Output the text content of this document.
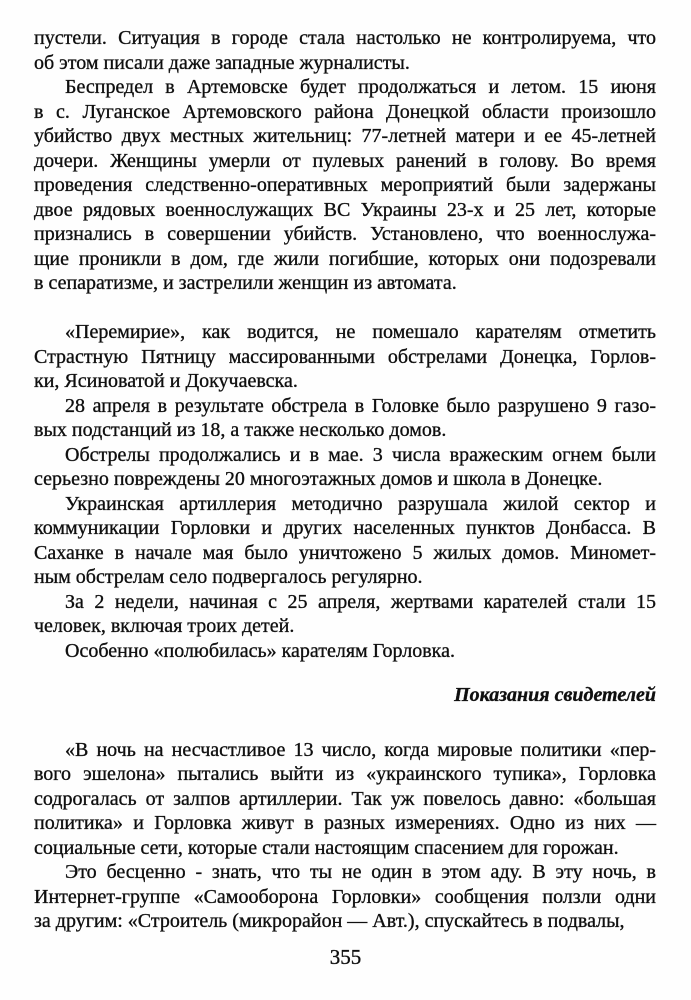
пустели. Ситуация в городе стала настолько не контролируема, что
об этом писали даже западные журналисты.
Беспредел в Артемовске будет продолжаться и летом. 15 июня
в с. Луганское Артемовского района Донецкой области произошло
убийство двух местных жительниц: 77-летней матери и ее 45-летней
дочери. Женщины умерли от пулевых ранений в голову. Во время
проведения следственно-оперативных мероприятий были задержаны
двое рядовых военнослужащих ВС Украины 23-х и 25 лет, которые
признались в совершении убийств. Установлено, что военнослужа-
щие проникли в дом, где жили погибшие, которых они подозревали
в сепаратизме, и застрелили женщин из автомата.
«Перемирие», как водится, не помешало карателям отметить
Страстную Пятницу массированными обстрелами Донецка, Горлов-
ки, Ясиноватой и Докучаевска.
28 апреля в результате обстрела в Головке было разрушено 9 газо-
вых подстанций из 18, а также несколько домов.
Обстрелы продолжались и в мае. 3 числа вражеским огнем были
серьезно повреждены 20 многоэтажных домов и школа в Донецке.
Украинская артиллерия методично разрушала жилой сектор и
коммуникации Горловки и других населенных пунктов Донбасса. В
Саханке в начале мая было уничтожено 5 жилых домов. Миномет-
ным обстрелам село подвергалось регулярно.
За 2 недели, начиная с 25 апреля, жертвами карателей стали 15
человек, включая троих детей.
Особенно «полюбилась» карателям Горловка.
Показания свидетелей
«В ночь на несчастливое 13 число, когда мировые политики «пер-
вого эшелона» пытались выйти из «украинского тупика», Горловка
содрогалась от залпов артиллерии. Так уж повелось давно: «большая
политика» и Горловка живут в разных измерениях. Одно из них —
социальные сети, которые стали настоящим спасением для горожан.
Это бесценно - знать, что ты не один в этом аду. В эту ночь, в
Интернет-группе «Самооборона Горловки» сообщения ползли одни
за другим: «Строитель (микрорайон — Авт.), спускайтесь в подвалы,
355
